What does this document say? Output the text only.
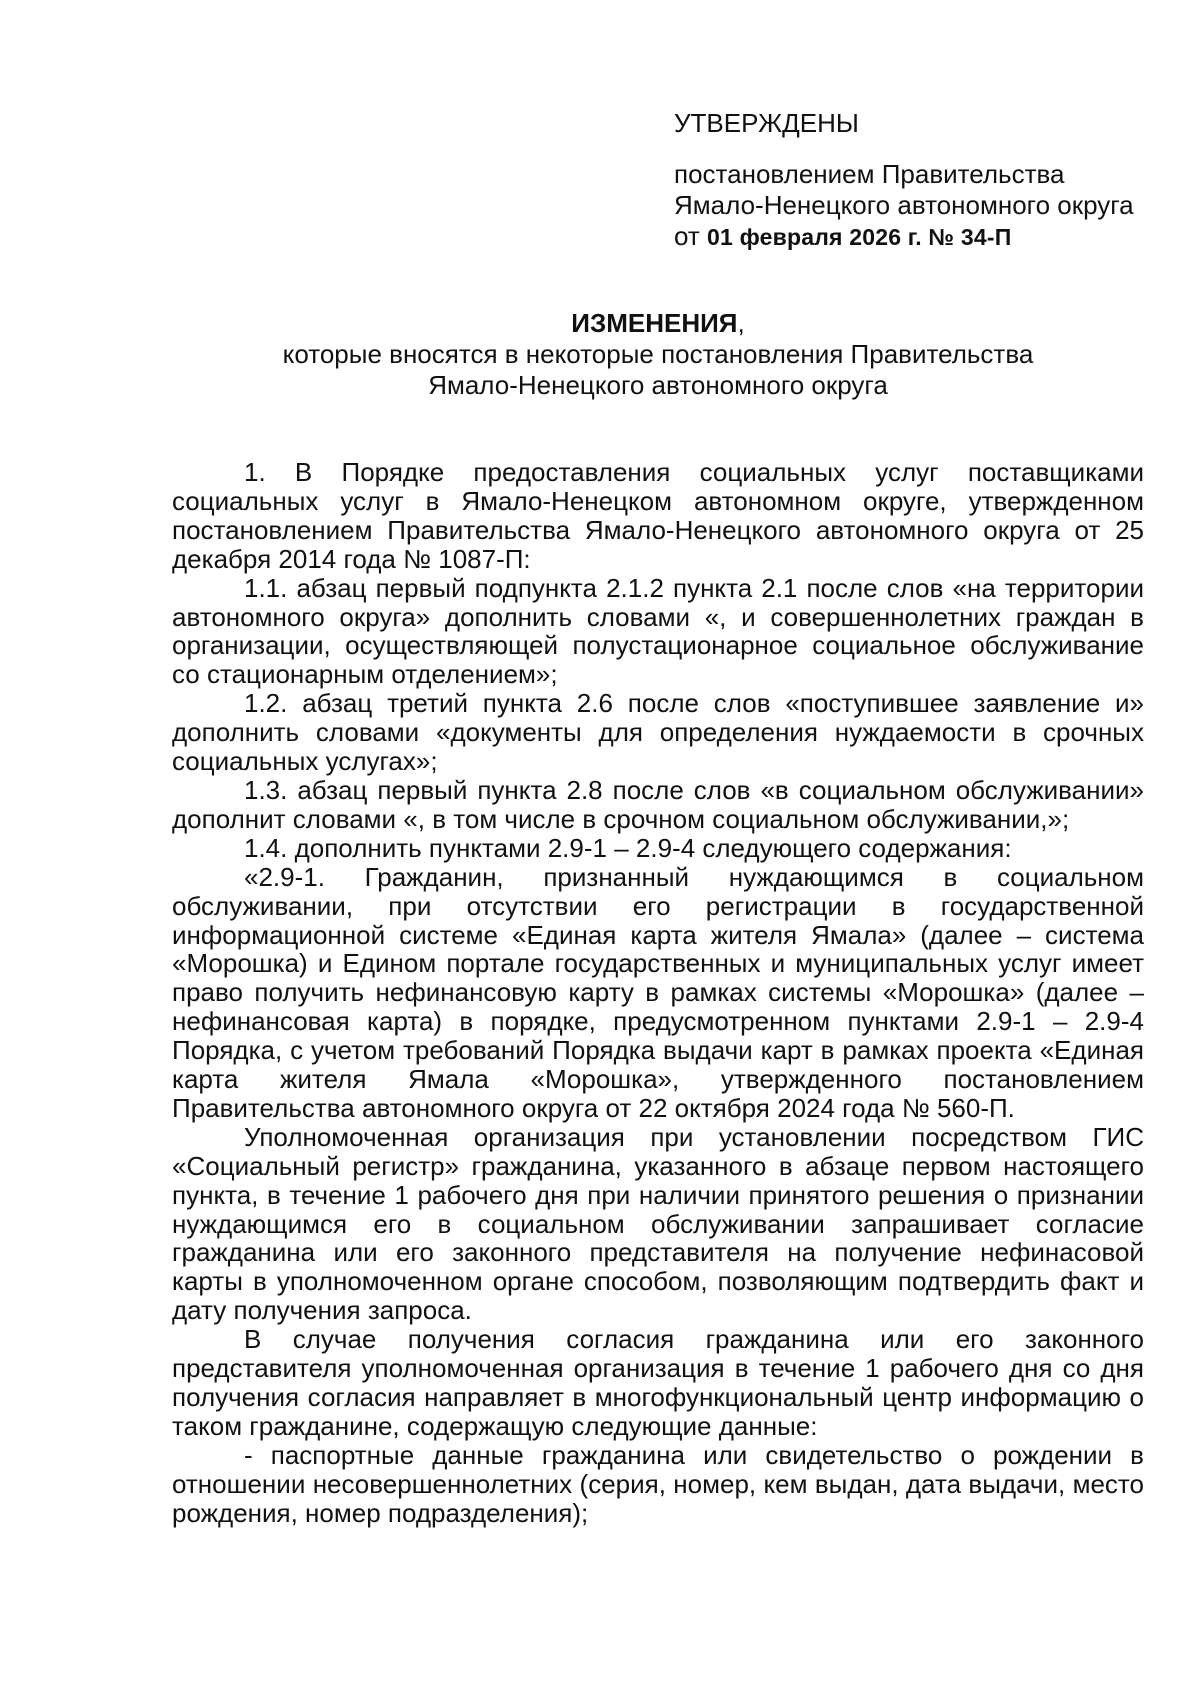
УТВЕРЖДЕНЫ

постановлением Правительства

Ямало-Ненецкого автономного округа

от 01 февраля 2026 г. № 34-П

ИЗМЕНЕНИЯ,

которые вносятся в некоторые постановления Правительства

Ямало-Ненецкого автономного округа

1. В Порядке предоставления социальных услуг поставщиками социальных услуг в Ямало-Ненецком автономном округе, утвержденном постановлением Правительства Ямало-Ненецкого автономного округа от 25 декабря 2014 года № 1087-П:

1.1. абзац первый подпункта 2.1.2 пункта 2.1 после слов «на территории автономного округа» дополнить словами «, и совершеннолетних граждан в организации, осуществляющей полустационарное социальное обслуживание со стационарным отделением»;

1.2. абзац третий пункта 2.6 после слов «поступившее заявление и» дополнить словами «документы для определения нуждаемости в срочных социальных услугах»;

1.3. абзац первый пункта 2.8 после слов «в социальном обслуживании» дополнит словами «, в том числе в срочном социальном обслуживании,»;

1.4. дополнить пунктами 2.9-1 – 2.9-4 следующего содержания:

«2.9-1. Гражданин, признанный нуждающимся в социальном обслуживании, при отсутствии его регистрации в государственной информационной системе «Единая карта жителя Ямала» (далее – система «Морошка) и Едином портале государственных и муниципальных услуг имеет право получить нефинансовую карту в рамках системы «Морошка» (далее – нефинансовая карта) в порядке, предусмотренном пунктами 2.9-1 – 2.9-4 Порядка, с учетом требований Порядка выдачи карт в рамках проекта «Единая карта жителя Ямала «Морошка», утвержденного постановлением Правительства автономного округа от 22 октября 2024 года № 560-П.

Уполномоченная организация при установлении посредством ГИС «Социальный регистр» гражданина, указанного в абзаце первом настоящего пункта, в течение 1 рабочего дня при наличии принятого решения о признании нуждающимся его в социальном обслуживании запрашивает согласие гражданина или его законного представителя на получение нефинасовой карты в уполномоченном органе способом, позволяющим подтвердить факт и дату получения запроса.

В случае получения согласия гражданина или его законного представителя уполномоченная организация в течение 1 рабочего дня со дня получения согласия направляет в многофункциональный центр информацию о таком гражданине, содержащую следующие данные:

- паспортные данные гражданина или свидетельство о рождении в отношении несовершеннолетних (серия, номер, кем выдан, дата выдачи, место рождения, номер подразделения);
